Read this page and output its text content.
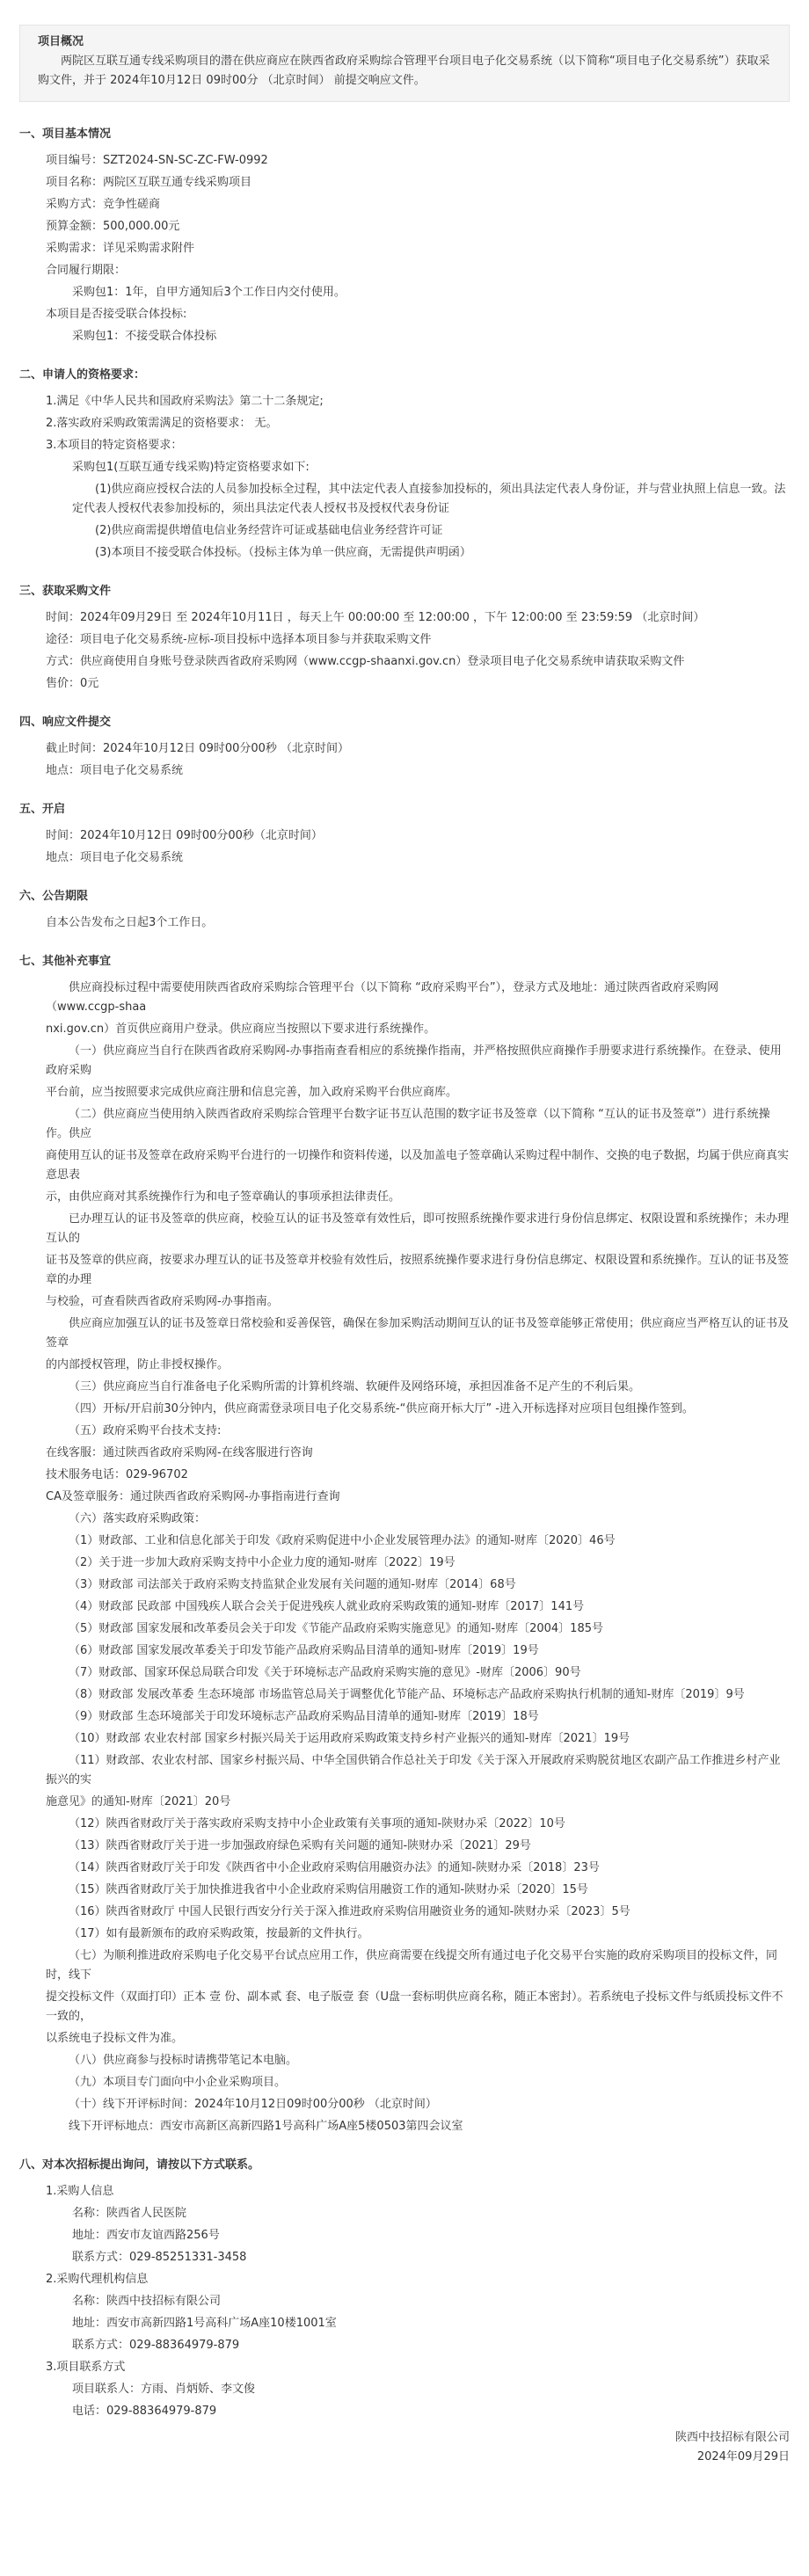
项目概况

两院区互联互通专线采购项目的潜在供应商应在陕西省政府采购综合管理平台项目电子化交易系统（以下简称“项目电子化交易系统”）获取采购文件，并于 2024年10月12日 09时00分 （北京时间） 前提交响应文件。

一、项目基本情况

项目编号：SZT2024-SN-SC-ZC-FW-0992

项目名称：两院区互联互通专线采购项目

采购方式：竞争性磋商

预算金额：500,000.00元

采购需求：详见采购需求附件

合同履行期限：

采购包1：1年，自甲方通知后3个工作日内交付使用。

本项目是否接受联合体投标:

采购包1：不接受联合体投标

二、申请人的资格要求：

1.满足《中华人民共和国政府采购法》第二十二条规定;

2.落实政府采购政策需满足的资格要求： 无。

3.本项目的特定资格要求：

采购包1(互联互通专线采购)特定资格要求如下:

(1)供应商应授权合法的人员参加投标全过程，其中法定代表人直接参加投标的，须出具法定代表人身份证，并与营业执照上信息一致。法定代表人授权代表参加投标的，须出具法定代表人授权书及授权代表身份证

(2)供应商需提供增值电信业务经营许可证或基础电信业务经营许可证

(3)本项目不接受联合体投标。（投标主体为单一供应商，无需提供声明函）

三、获取采购文件

时间：2024年09月29日 至 2024年10月11日 ，每天上午 00:00:00 至 12:00:00 ，下午 12:00:00 至 23:59:59 （北京时间）

途径：项目电子化交易系统-应标-项目投标中选择本项目参与并获取采购文件

方式：供应商使用自身账号登录陕西省政府采购网（www.ccgp-shaanxi.gov.cn）登录项目电子化交易系统申请获取采购文件

售价：0元

四、响应文件提交

截止时间：2024年10月12日 09时00分00秒 （北京时间）

地点：项目电子化交易系统

五、开启

时间：2024年10月12日 09时00分00秒（北京时间）

地点：项目电子化交易系统

六、公告期限

自本公告发布之日起3个工作日。

七、其他补充事宜

供应商投标过程中需要使用陕西省政府采购综合管理平台（以下简称 “政府采购平台”），登录方式及地址：通过陕西省政府采购网（www.ccgp-shaa

nxi.gov.cn）首页供应商用户登录。供应商应当按照以下要求进行系统操作。

（一）供应商应当自行在陕西省政府采购网-办事指南查看相应的系统操作指南，并严格按照供应商操作手册要求进行系统操作。在登录、使用政府采购

平台前，应当按照要求完成供应商注册和信息完善，加入政府采购平台供应商库。

（二）供应商应当使用纳入陕西省政府采购综合管理平台数字证书互认范围的数字证书及签章（以下简称 “互认的证书及签章”）进行系统操作。供应

商使用互认的证书及签章在政府采购平台进行的一切操作和资料传递，以及加盖电子签章确认采购过程中制作、交换的电子数据，均属于供应商真实意思表

示，由供应商对其系统操作行为和电子签章确认的事项承担法律责任。

已办理互认的证书及签章的供应商，校验互认的证书及签章有效性后，即可按照系统操作要求进行身份信息绑定、权限设置和系统操作；未办理互认的

证书及签章的供应商，按要求办理互认的证书及签章并校验有效性后，按照系统操作要求进行身份信息绑定、权限设置和系统操作。互认的证书及签章的办理

与校验，可查看陕西省政府采购网-办事指南。

供应商应加强互认的证书及签章日常校验和妥善保管，确保在参加采购活动期间互认的证书及签章能够正常使用；供应商应当严格互认的证书及签章

的内部授权管理，防止非授权操作。

（三）供应商应当自行准备电子化采购所需的计算机终端、软硬件及网络环境，承担因准备不足产生的不利后果。

（四）开标/开启前30分钟内，供应商需登录项目电子化交易系统-“供应商开标大厅” -进入开标选择对应项目包组操作签到。

（五）政府采购平台技术支持:

在线客服：通过陕西省政府采购网-在线客服进行咨询

技术服务电话：029-96702

CA及签章服务：通过陕西省政府采购网-办事指南进行查询

（六）落实政府采购政策：

（1）财政部、工业和信息化部关于印发《政府采购促进中小企业发展管理办法》的通知-财库〔2020〕46号

（2）关于进一步加大政府采购支持中小企业力度的通知-财库〔2022〕19号

（3）财政部 司法部关于政府采购支持监狱企业发展有关问题的通知-财库〔2014〕68号

（4）财政部 民政部 中国残疾人联合会关于促进残疾人就业政府采购政策的通知-财库〔2017〕141号

（5）财政部 国家发展和改革委员会关于印发《节能产品政府采购实施意见》的通知-财库〔2004〕185号

（6）财政部 国家发展改革委关于印发节能产品政府采购品目清单的通知-财库〔2019〕19号

（7）财政部、国家环保总局联合印发《关于环境标志产品政府采购实施的意见》-财库〔2006〕90号

（8）财政部 发展改革委 生态环境部 市场监管总局关于调整优化节能产品、环境标志产品政府采购执行机制的通知-财库〔2019〕9号

（9）财政部 生态环境部关于印发环境标志产品政府采购品目清单的通知-财库〔2019〕18号

（10）财政部 农业农村部 国家乡村振兴局关于运用政府采购政策支持乡村产业振兴的通知-财库〔2021〕19号

（11）财政部、农业农村部、国家乡村振兴局、中华全国供销合作总社关于印发《关于深入开展政府采购脱贫地区农副产品工作推进乡村产业振兴的实

施意见》的通知-财库〔2021〕20号

（12）陕西省财政厅关于落实政府采购支持中小企业政策有关事项的通知-陕财办采〔2022〕10号

（13）陕西省财政厅关于进一步加强政府绿色采购有关问题的通知-陕财办采〔2021〕29号

（14）陕西省财政厅关于印发《陕西省中小企业政府采购信用融资办法》的通知-陕财办采〔2018〕23号

（15）陕西省财政厅关于加快推进我省中小企业政府采购信用融资工作的通知-陕财办采〔2020〕15号

（16）陕西省财政厅 中国人民银行西安分行关于深入推进政府采购信用融资业务的通知-陕财办采〔2023〕5号

（17）如有最新颁布的政府采购政策，按最新的文件执行。

（七）为顺利推进政府采购电子化交易平台试点应用工作，供应商需要在线提交所有通过电子化交易平台实施的政府采购项目的投标文件，同时，线下

提交投标文件（双面打印）正本 壹 份、副本贰 套、电子版壹 套（U盘一套标明供应商名称，随正本密封）。若系统电子投标文件与纸质投标文件不一致的，

以系统电子投标文件为准。

（八）供应商参与投标时请携带笔记本电脑。

（九）本项目专门面向中小企业采购项目。

（十）线下开评标时间：2024年10月12日09时00分00秒 （北京时间）

线下开评标地点：西安市高新区高新四路1号高科广场A座5楼0503第四会议室

八、对本次招标提出询问，请按以下方式联系。

1.采购人信息

名称：陕西省人民医院

地址：西安市友谊西路256号

联系方式：029-85251331-3458

2.采购代理机构信息

名称：陕西中技招标有限公司

地址：西安市高新四路1号高科广场A座10楼1001室

联系方式：029-88364979-879

3.项目联系方式

项目联系人：方雨、肖炳娇、李文俊

电话：029-88364979-879

陕西中技招标有限公司

2024年09月29日
